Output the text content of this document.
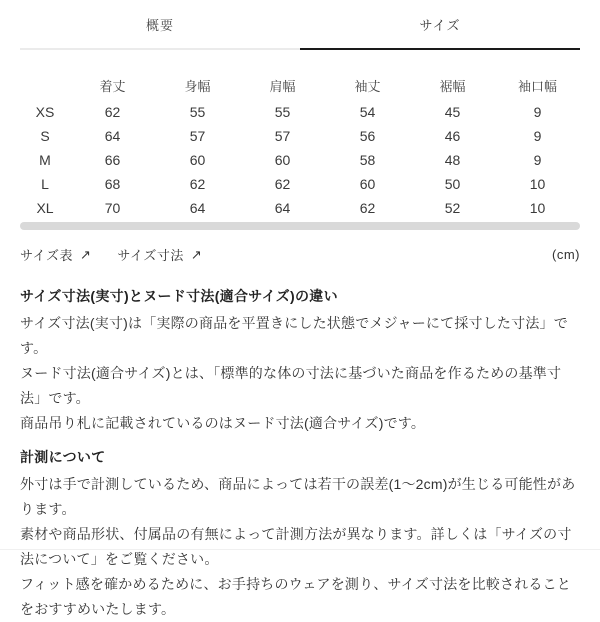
概要	サイズ
	着丈	身幅	肩幅	袖丈	裾幅	袖口幅
XS	62	55	55	54	45	9
S	64	57	57	56	46	9
M	66	60	60	58	48	9
L	68	62	62	60	50	10
XL	70	64	64	62	52	10
サイズ表 ↗ サイズ寸法 ↗	(cm)
サイズ寸法(実寸)とヌード寸法(適合サイズ)の違い

サイズ寸法(実寸)は「実際の商品を平置きにした状態でメジャーにて採寸した寸法」です。

ヌード寸法(適合サイズ)とは、「標準的な体の寸法に基づいた商品を作るための基準寸法」です。

商品吊り札に記載されているのはヌード寸法(適合サイズ)です。

計測について

外寸は手で計測しているため、商品によっては若干の誤差(1〜2cm)が生じる可能性があります。

素材や商品形状、付属品の有無によって計測方法が異なります。詳しくは「サイズの寸法について」をご覧ください。

フィット感を確かめるために、お手持ちのウェアを測り、サイズ寸法を比較されることをおすすめいたします。
